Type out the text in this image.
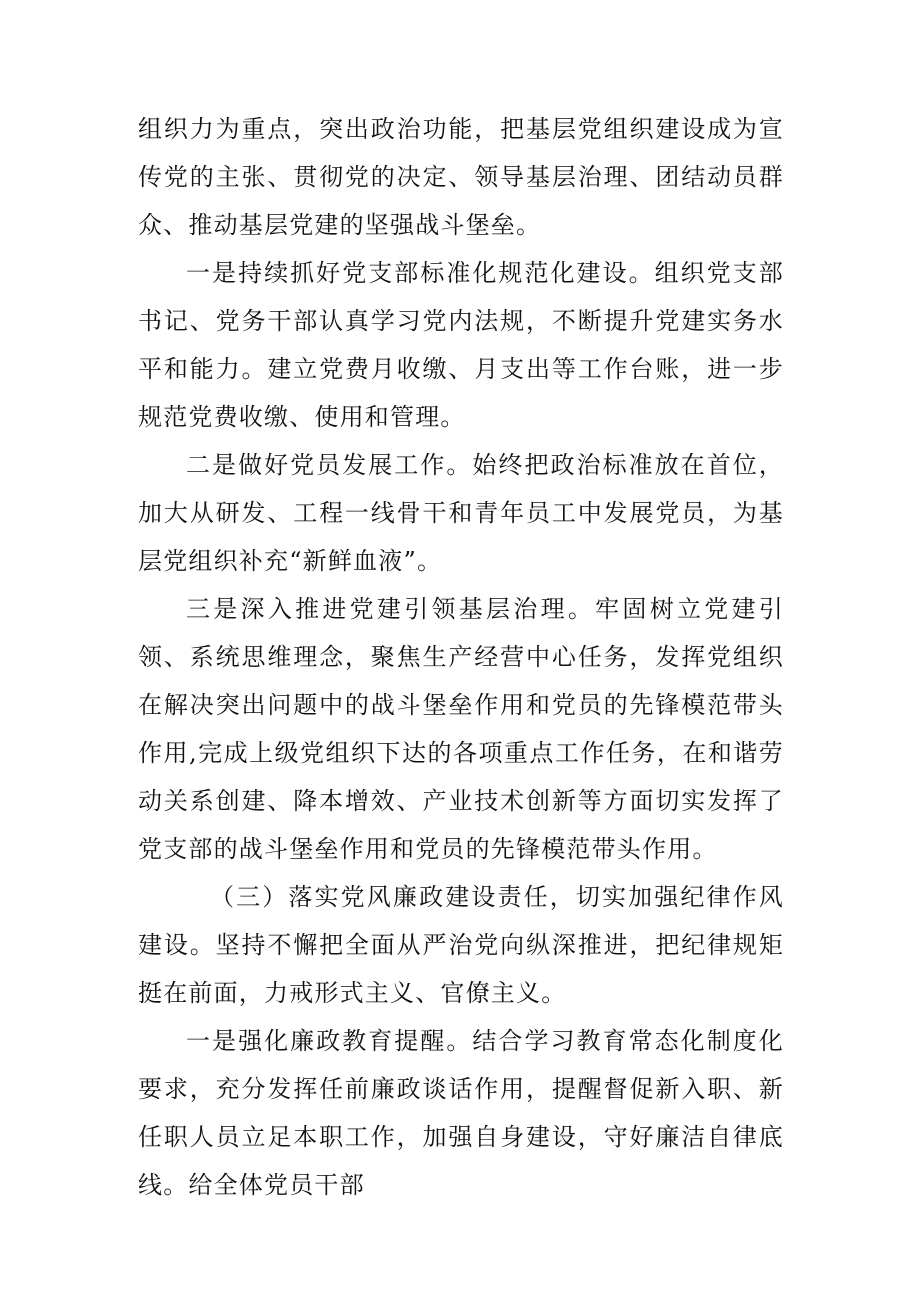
组织力为重点，突出政治功能，把基层党组织建设成为宣传党的主张、贯彻党的决定、领导基层治理、团结动员群众、推动基层党建的坚强战斗堡垒。

一是持续抓好党支部标准化规范化建设。组织党支部书记、党务干部认真学习党内法规，不断提升党建实务水平和能力。建立党费月收缴、月支出等工作台账，进一步规范党费收缴、使用和管理。

二是做好党员发展工作。始终把政治标准放在首位，加大从研发、工程一线骨干和青年员工中发展党员，为基层党组织补充“新鲜血液”。

三是深入推进党建引领基层治理。牢固树立党建引领、系统思维理念，聚焦生产经营中心任务，发挥党组织在解决突出问题中的战斗堡垒作用和党员的先锋模范带头作用,完成上级党组织下达的各项重点工作任务，在和谐劳动关系创建、降本增效、产业技术创新等方面切实发挥了党支部的战斗堡垒作用和党员的先锋模范带头作用。

（三）落实党风廉政建设责任，切实加强纪律作风建设。坚持不懈把全面从严治党向纵深推进，把纪律规矩挺在前面，力戒形式主义、官僚主义。

一是强化廉政教育提醒。结合学习教育常态化制度化要求，充分发挥任前廉政谈话作用，提醒督促新入职、新任职人员立足本职工作，加强自身建设，守好廉洁自律底线。给全体党员干部
